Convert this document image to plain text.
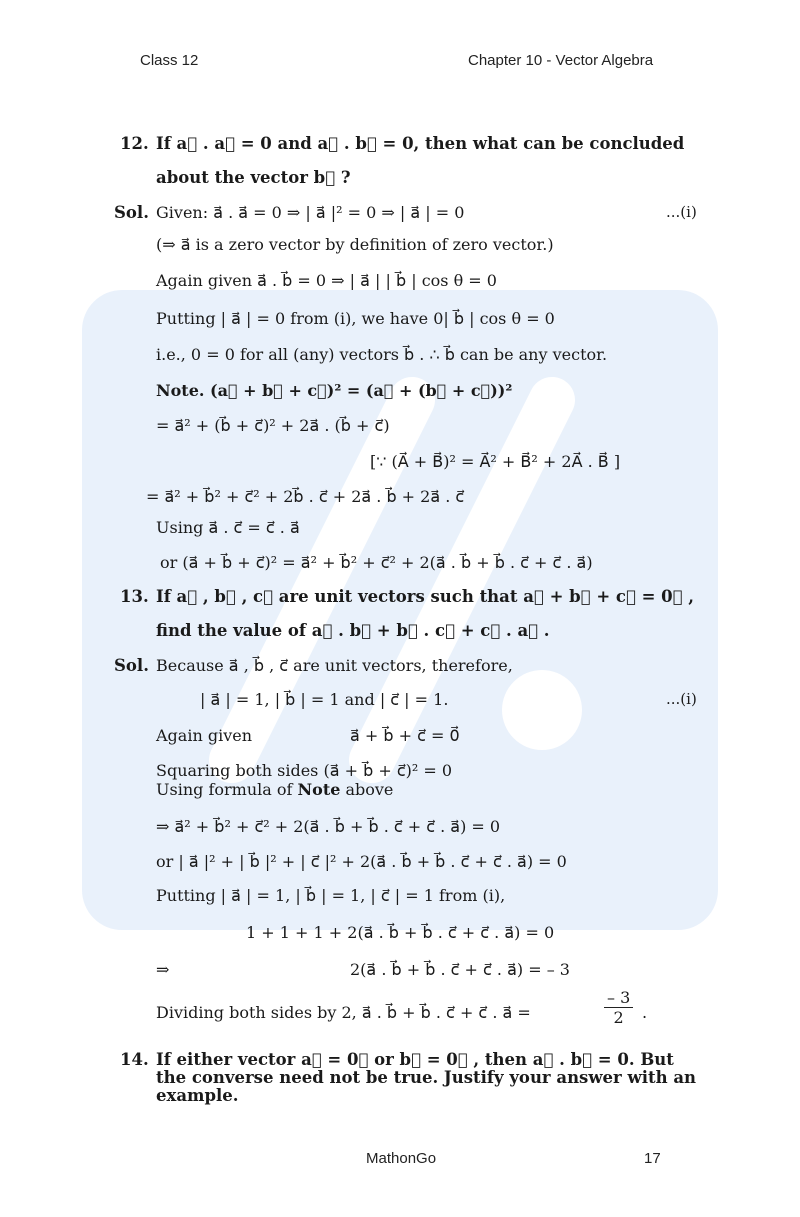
Class 12	Chapter 10 - Vector Algebra
12. If a⃗ . a⃗ = 0 and a⃗ . b⃗ = 0, then what can be concluded
about the vector b⃗ ?
Sol. Given: a⃗ . a⃗ = 0 ⇒ | a⃗ |² = 0 ⇒ | a⃗ | = 0	...(i)
(⇒ a⃗ is a zero vector by definition of zero vector.)
Again given a⃗ . b⃗ = 0 ⇒ | a⃗ | | b⃗ | cos θ = 0
Putting | a⃗ | = 0 from (i), we have 0| b⃗ | cos θ = 0
i.e., 0 = 0 for all (any) vectors b⃗ . ∴ b⃗ can be any vector.
Note. (a⃗ + b⃗ + c⃗)² = (a⃗ + (b⃗ + c⃗))²
= a⃗² + (b⃗ + c⃗)² + 2a⃗ . (b⃗ + c⃗)
[∵ (A⃗ + B⃗)² = A⃗² + B⃗² + 2A⃗ . B⃗ ]
= a⃗² + b⃗² + c⃗² + 2b⃗ . c⃗ + 2a⃗ . b⃗ + 2a⃗ . c⃗
Using a⃗ . c⃗ = c⃗ . a⃗
or (a⃗ + b⃗ + c⃗)² = a⃗² + b⃗² + c⃗² + 2(a⃗ . b⃗ + b⃗ . c⃗ + c⃗ . a⃗)
13. If a⃗ , b⃗ , c⃗ are unit vectors such that a⃗ + b⃗ + c⃗ = 0⃗ ,
find the value of a⃗ . b⃗ + b⃗ . c⃗ + c⃗ . a⃗ .
Sol. Because a⃗ , b⃗ , c⃗ are unit vectors, therefore,
| a⃗ | = 1, | b⃗ | = 1 and | c⃗ | = 1.	...(i)
Again given	a⃗ + b⃗ + c⃗ = 0⃗
Squaring both sides (a⃗ + b⃗ + c⃗)² = 0
Using formula of Note above
⇒ a⃗² + b⃗² + c⃗² + 2(a⃗ . b⃗ + b⃗ . c⃗ + c⃗ . a⃗) = 0
or | a⃗ |² + | b⃗ |² + | c⃗ |² + 2(a⃗ . b⃗ + b⃗ . c⃗ + c⃗ . a⃗) = 0
Putting | a⃗ | = 1, | b⃗ | = 1, | c⃗ | = 1 from (i),
1 + 1 + 1 + 2(a⃗ . b⃗ + b⃗ . c⃗ + c⃗ . a⃗) = 0
⇒	2(a⃗ . b⃗ + b⃗ . c⃗ + c⃗ . a⃗) = – 3
Dividing both sides by 2, a⃗ . b⃗ + b⃗ . c⃗ + c⃗ . a⃗ =	$\frac{- 3}{2}$ .
14. If either vector a⃗ = 0⃗ or b⃗ = 0⃗ , then a⃗ . b⃗ = 0. But
the converse need not be true. Justify your answer with an
example.
MathonGo	17
